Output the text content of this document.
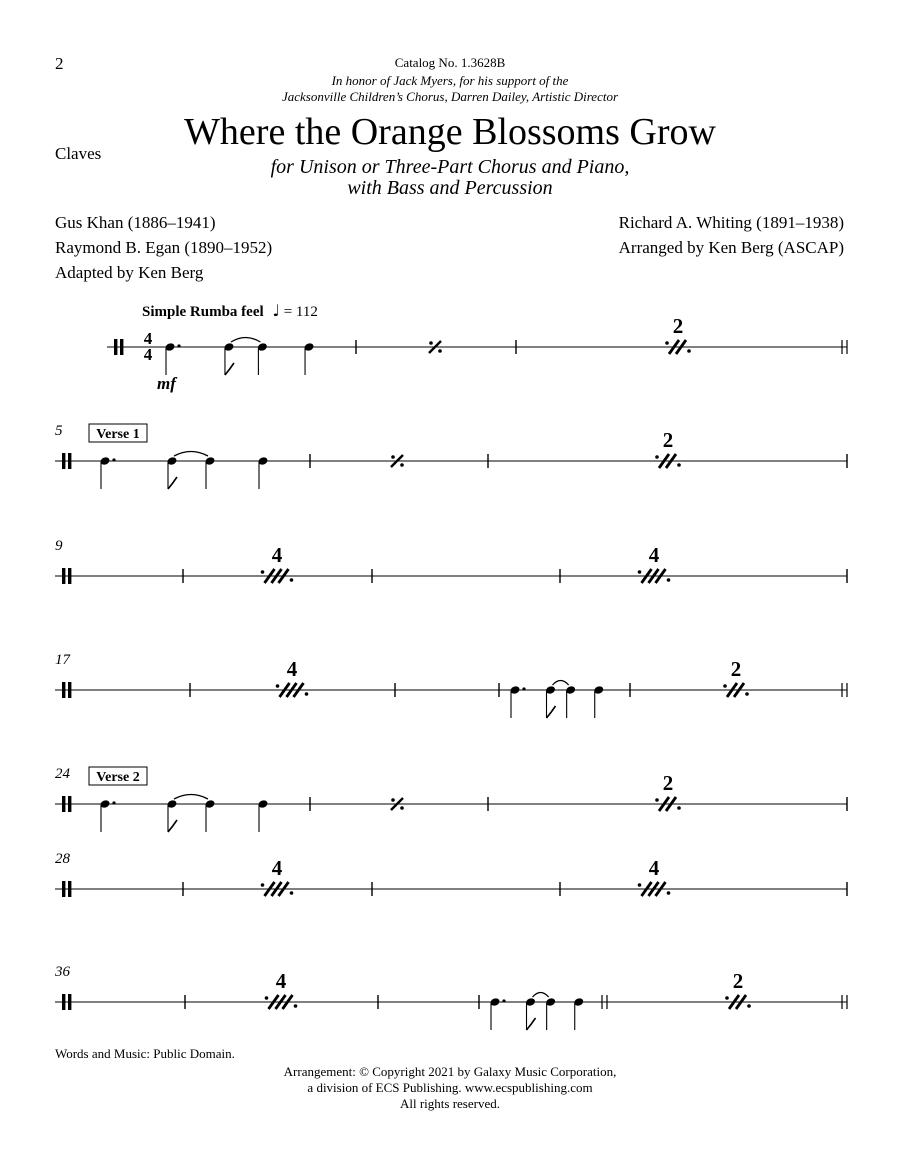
2	Catalog No. 1.3628B
In honor of Jack Myers, for his support of the
Jacksonville Children’s Chorus, Darren Dailey, Artistic Director
Where the Orange Blossoms Grow
for Unison or Three-Part Chorus and Piano,
with Bass and Percussion
Claves
Gus Khan (1886–1941)
Raymond B. Egan (1890–1952)
Adapted by Ken Berg
Richard A. Whiting (1891–1938)
Arranged by Ken Berg (ASCAP)
Simple Rumba feel ♩ = 112
4
4
mf
2
5 Verse 1	2
9	4	4
17	4	2
24 Verse 2	2
28	4	4
36	4	2
Words and Music: Public Domain.
Arrangement: © Copyright 2021 by Galaxy Music Corporation,
a division of ECS Publishing. www.ecspublishing.com
All rights reserved.
